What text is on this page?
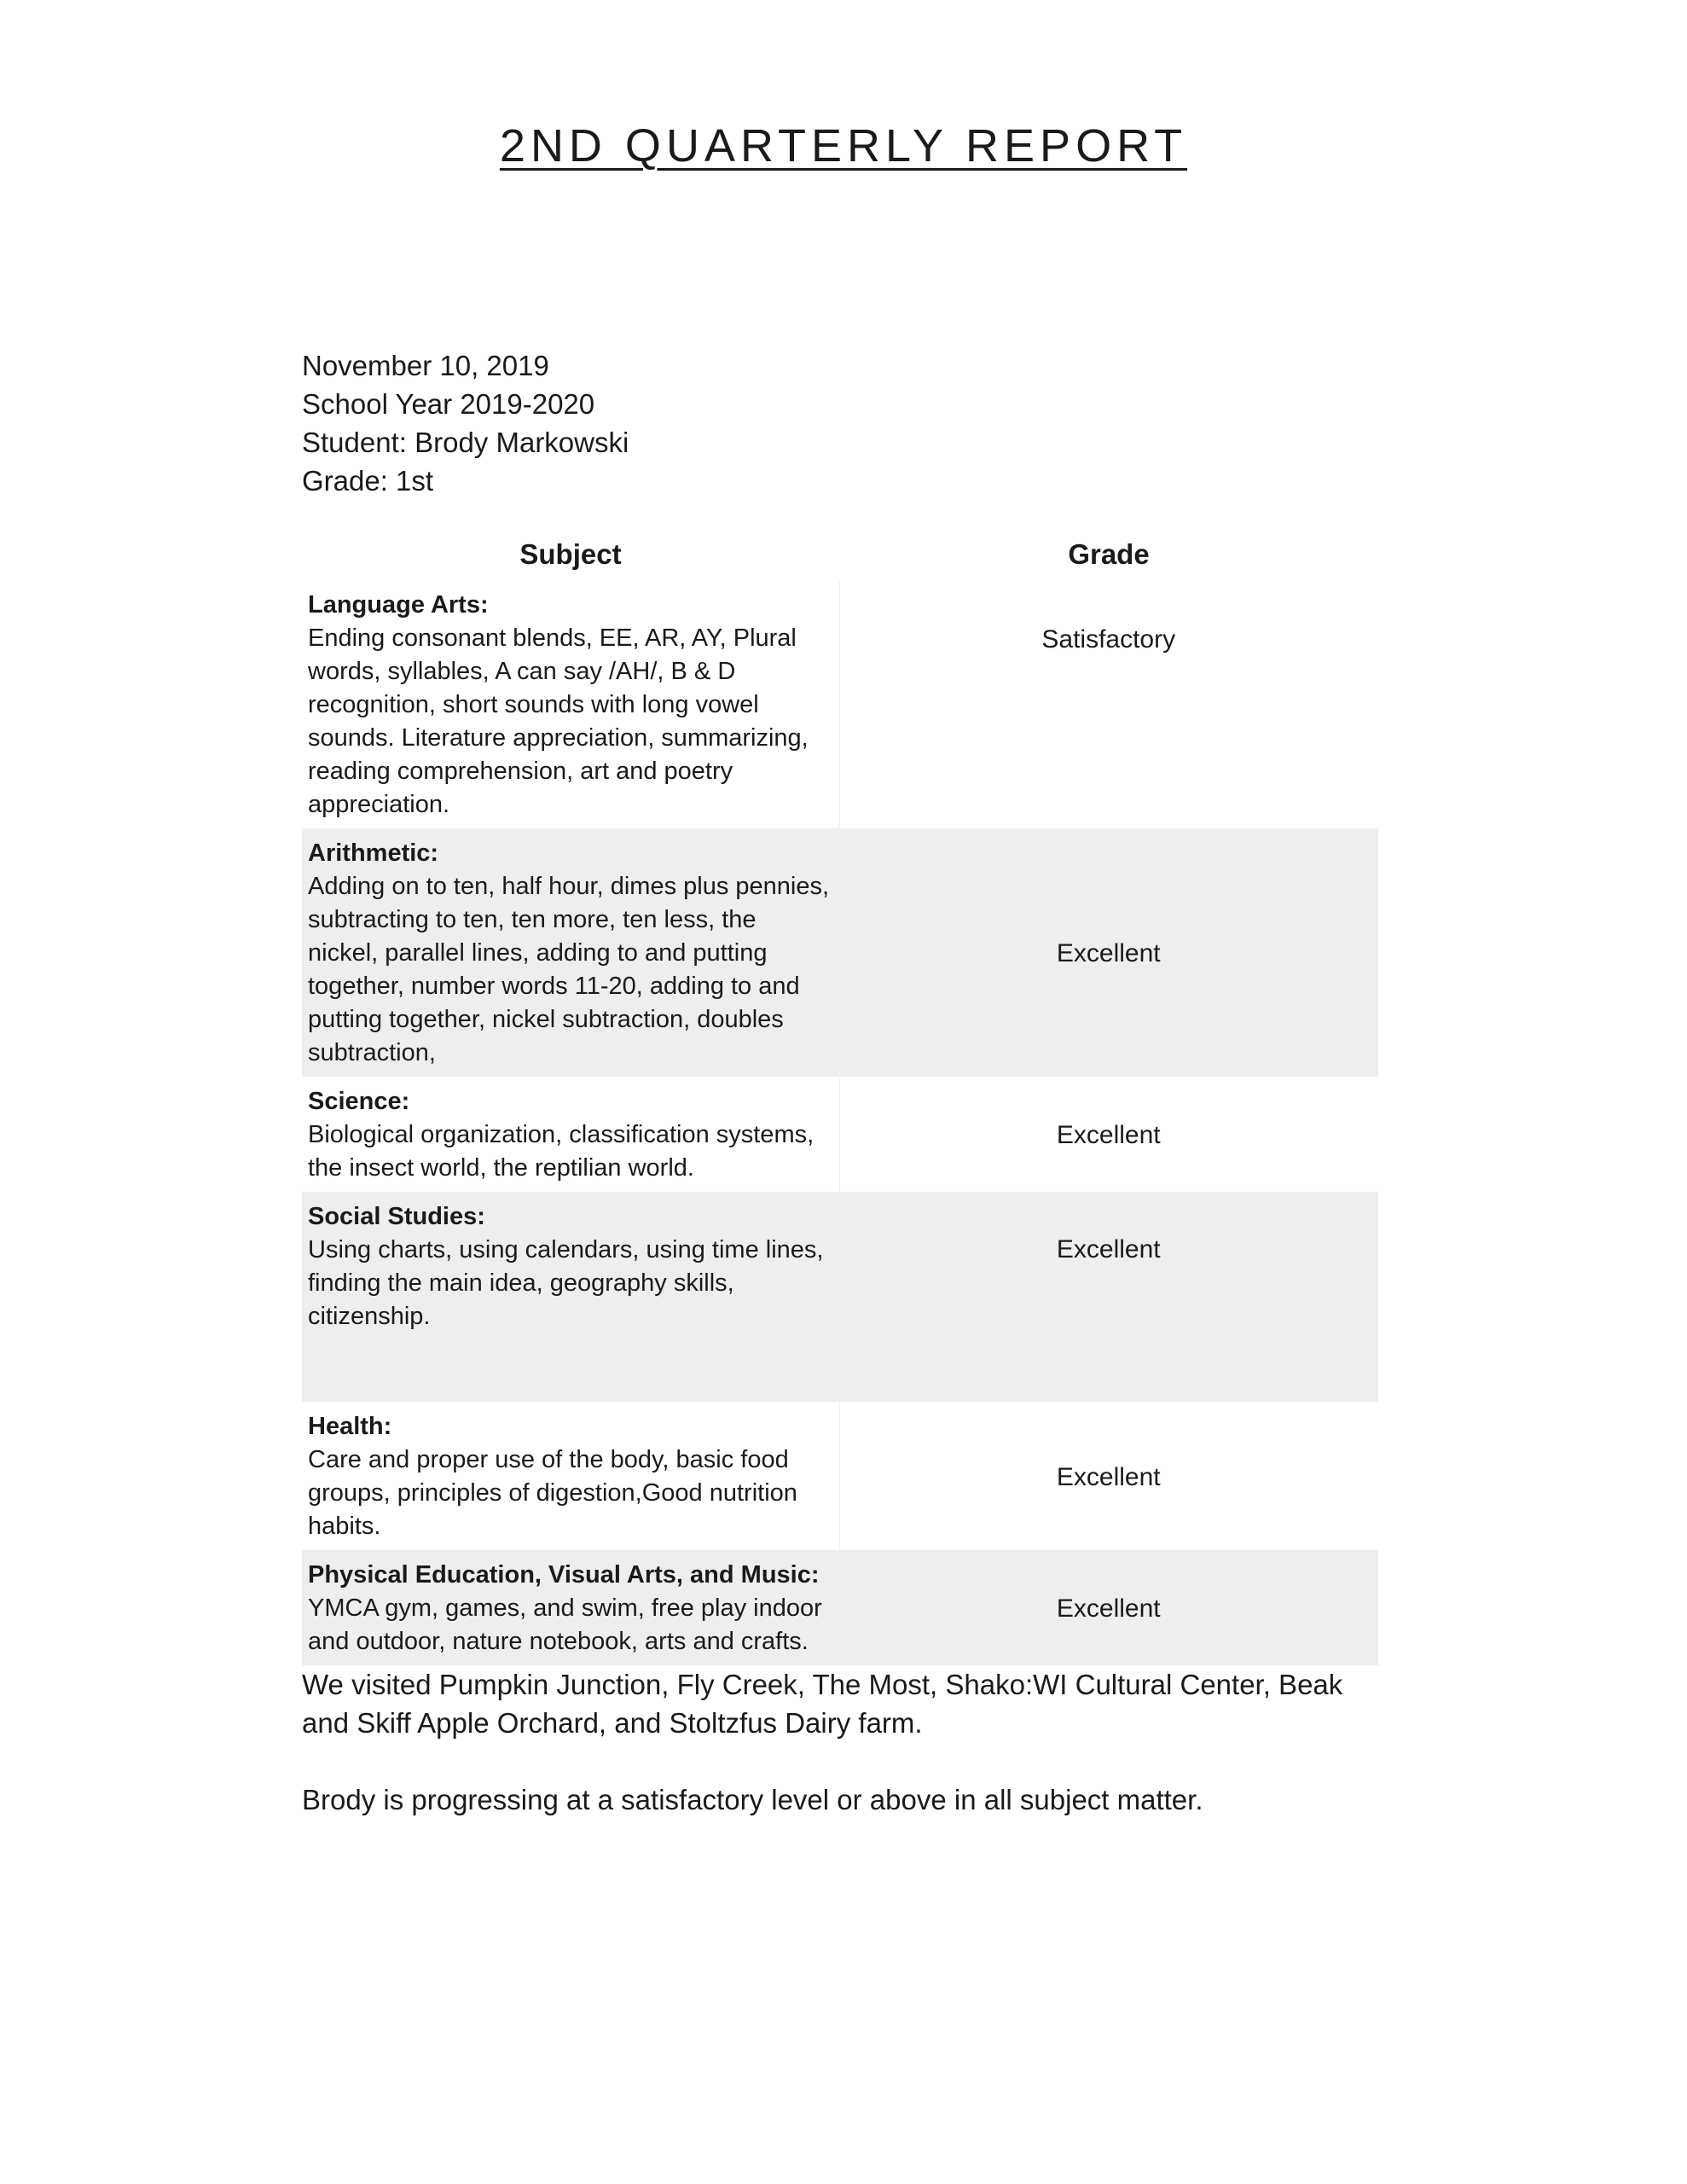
2ND QUARTERLY REPORT
November 10, 2019
School Year 2019-2020
Student: Brody Markowski
Grade: 1st
Subject	Grade

Language Arts:
Ending consonant blends, EE, AR, AY, Plural words, syllables, A can say /AH/, B & D recognition, short sounds with long vowel sounds. Literature appreciation, summarizing, reading comprehension, art and poetry appreciation.	Satisfactory

Arithmetic:
Adding on to ten, half hour, dimes plus pennies, subtracting to ten, ten more, ten less, the nickel, parallel lines, adding to and putting together, number words 11-20, adding to and putting together, nickel subtraction, doubles subtraction,	Excellent

Science:
Biological organization, classification systems, the insect world, the reptilian world.	Excellent

Social Studies:
Using charts, using calendars, using time lines, finding the main idea, geography skills, citizenship.	Excellent

Health:
Care and proper use of the body, basic food groups, principles of digestion,Good nutrition habits.	Excellent

Physical Education, Visual Arts, and Music:
YMCA gym, games, and swim, free play indoor and outdoor, nature notebook, arts and crafts.	Excellent

We visited Pumpkin Junction, Fly Creek, The Most, Shako:WI Cultural Center, Beak and Skiff Apple Orchard, and Stoltzfus Dairy farm.

Brody is progressing at a satisfactory level or above in all subject matter.
